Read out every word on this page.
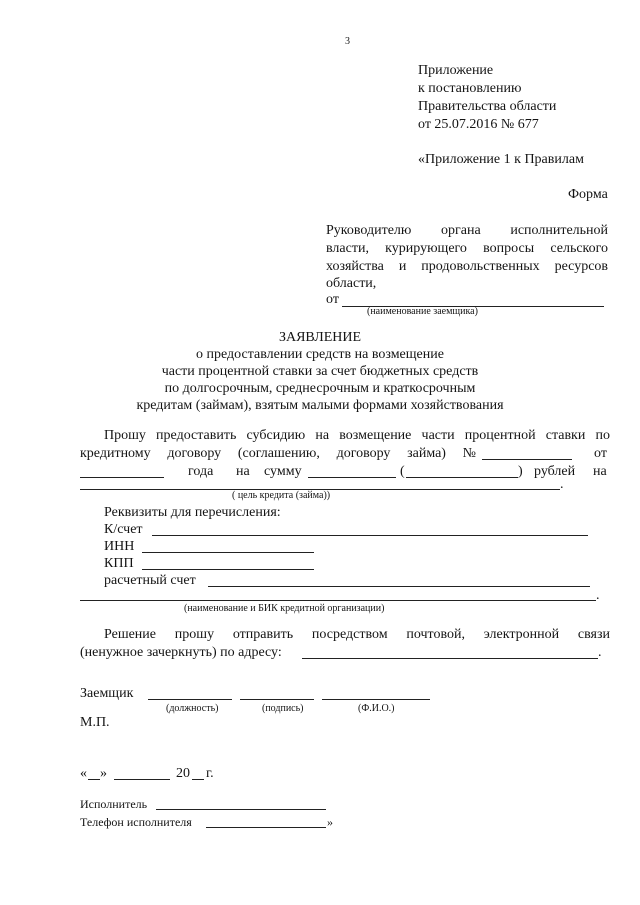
3
Приложение
к постановлению
Правительства области
от 25.07.2016 № 677
«Приложение 1 к Правилам
Форма
Руководителю органа исполнительной
власти, курирующего вопросы сельского
хозяйства и продовольственных ресурсов
области,
от
(наименование заемщика)
ЗАЯВЛЕНИЕ
о предоставлении средств на возмещение
части процентной ставки за счет бюджетных средств
по долгосрочным, среднесрочным и краткосрочным
кредитам (займам), взятым малыми формами хозяйствования
Прошу предоставить субсидию на возмещение части процентной ставки по
кредитному договору (соглашению, договору займа) №	от
года на сумму	(	) рублей на
.
( цель кредита (займа))
Реквизиты для перечисления:
К/счет
ИНН
КПП
расчетный счет
.
(наименование и БИК кредитной организации)
Решение прошу отправить посредством почтовой, электронной связи
(ненужное зачеркнуть) по адресу:	.
Заемщик
(должность)	(подпись)	(Ф.И.О.)
М.П.
« »	20 г.
Исполнитель
Телефон исполнителя	»
